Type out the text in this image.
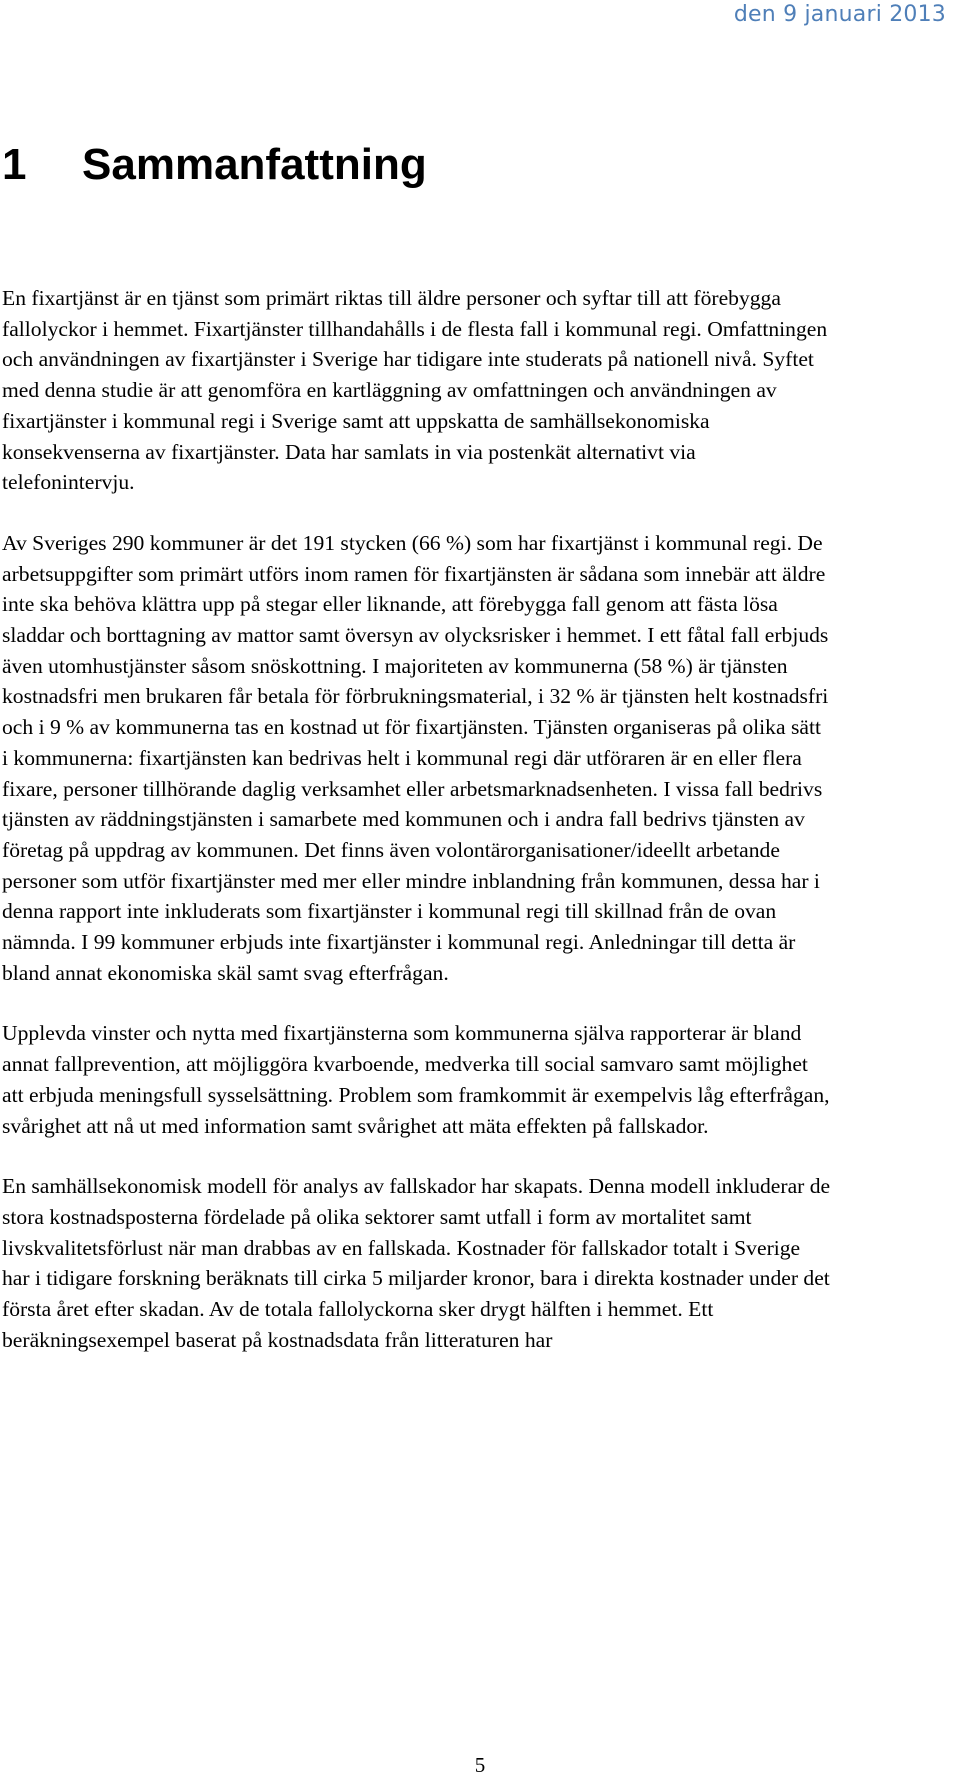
den 9 januari 2013
1 Sammanfattning

En fixartjänst är en tjänst som primärt riktas till äldre personer och syftar till att förebygga fallolyckor i hemmet. Fixartjänster tillhandahålls i de flesta fall i kommunal regi. Omfattningen och användningen av fixartjänster i Sverige har tidigare inte studerats på nationell nivå. Syftet med denna studie är att genomföra en kartläggning av omfattningen och användningen av fixartjänster i kommunal regi i Sverige samt att uppskatta de samhällsekonomiska konsekvenserna av fixartjänster. Data har samlats in via postenkät alternativt via telefonintervju.

Av Sveriges 290 kommuner är det 191 stycken (66 %) som har fixartjänst i kommunal regi. De arbetsuppgifter som primärt utförs inom ramen för fixartjänsten är sådana som innebär att äldre inte ska behöva klättra upp på stegar eller liknande, att förebygga fall genom att fästa lösa sladdar och borttagning av mattor samt översyn av olycksrisker i hemmet. I ett fåtal fall erbjuds även utomhustjänster såsom snöskottning. I majoriteten av kommunerna (58 %) är tjänsten kostnadsfri men brukaren får betala för förbrukningsmaterial, i 32 % är tjänsten helt kostnadsfri och i 9 % av kommunerna tas en kostnad ut för fixartjänsten. Tjänsten organiseras på olika sätt i kommunerna: fixartjänsten kan bedrivas helt i kommunal regi där utföraren är en eller flera fixare, personer tillhörande daglig verksamhet eller arbetsmarknadsenheten. I vissa fall bedrivs tjänsten av räddningstjänsten i samarbete med kommunen och i andra fall bedrivs tjänsten av företag på uppdrag av kommunen. Det finns även volontärorganisationer/ideellt arbetande personer som utför fixartjänster med mer eller mindre inblandning från kommunen, dessa har i denna rapport inte inkluderats som fixartjänster i kommunal regi till skillnad från de ovan nämnda. I 99 kommuner erbjuds inte fixartjänster i kommunal regi. Anledningar till detta är bland annat ekonomiska skäl samt svag efterfrågan.

Upplevda vinster och nytta med fixartjänsterna som kommunerna själva rapporterar är bland annat fallprevention, att möjliggöra kvarboende, medverka till social samvaro samt möjlighet att erbjuda meningsfull sysselsättning. Problem som framkommit är exempelvis låg efterfrågan, svårighet att nå ut med information samt svårighet att mäta effekten på fallskador.

En samhällsekonomisk modell för analys av fallskador har skapats. Denna modell inkluderar de stora kostnadsposterna fördelade på olika sektorer samt utfall i form av mortalitet samt livskvalitetsförlust när man drabbas av en fallskada. Kostnader för fallskador totalt i Sverige har i tidigare forskning beräknats till cirka 5 miljarder kronor, bara i direkta kostnader under det första året efter skadan. Av de totala fallolyckorna sker drygt hälften i hemmet. Ett beräkningsexempel baserat på kostnadsdata från litteraturen har

5
